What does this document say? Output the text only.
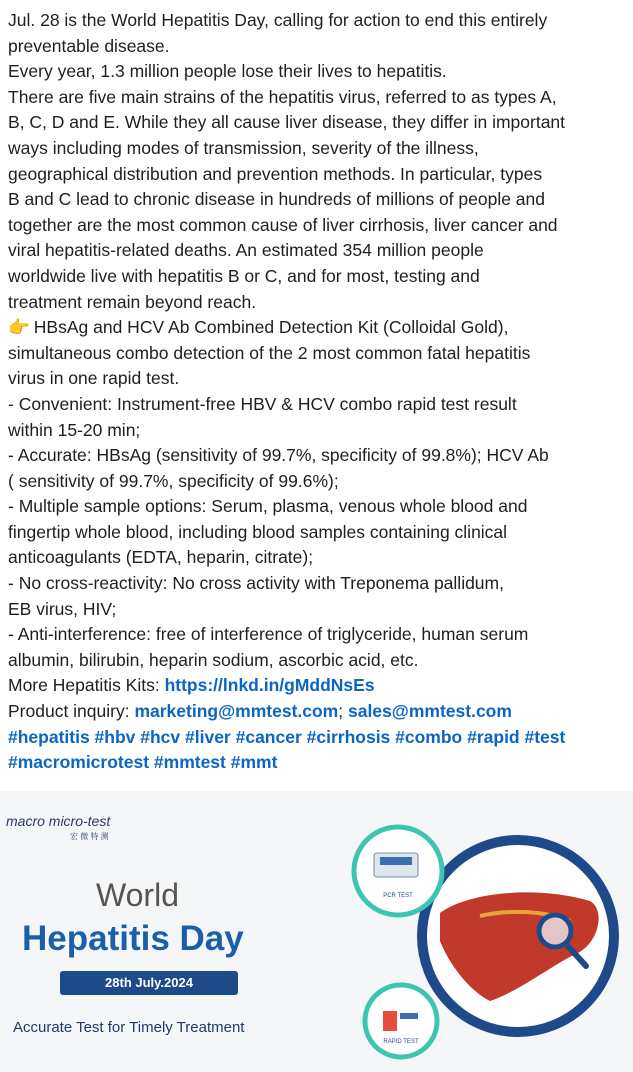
Jul. 28 is the World Hepatitis Day, calling for action to end this entirely
preventable disease.
Every year, 1.3 million people lose their lives to hepatitis.
There are five main strains of the hepatitis virus, referred to as types A,
B, C, D and E. While they all cause liver disease, they differ in important
ways including modes of transmission, severity of the illness,
geographical distribution and prevention methods. In particular, types
B and C lead to chronic disease in hundreds of millions of people and
together are the most common cause of liver cirrhosis, liver cancer and
viral hepatitis-related deaths. An estimated 354 million people
worldwide live with hepatitis B or C, and for most, testing and
treatment remain beyond reach.
👉 HBsAg and HCV Ab Combined Detection Kit (Colloidal Gold),
simultaneous combo detection of the 2 most common fatal hepatitis
virus in one rapid test.
- Convenient: Instrument-free HBV & HCV combo rapid test result
within 15-20 min;
- Accurate: HBsAg (sensitivity of 99.7%, specificity of 99.8%); HCV Ab
( sensitivity of 99.7%, specificity of 99.6%);
- Multiple sample options: Serum, plasma, venous whole blood and
fingertip whole blood, including blood samples containing clinical
anticoagulants (EDTA, heparin, citrate);
- No cross-reactivity: No cross activity with Treponema pallidum,
EB virus, HIV;
- Anti-interference: free of interference of triglyceride, human serum
albumin, bilirubin, heparin sodium, ascorbic acid, etc.
More Hepatitis Kits: https://lnkd.in/gMddNsEs
Product inquiry: marketing@mmtest.com; sales@mmtest.com
#hepatitis #hbv #hcv #liver #cancer #cirrhosis #combo #rapid #test
#macromicrotest #mmtest #mmt
macro micro-test
宏 微 特 测
World
Hepatitis Day
28th July.2024
Accurate Test for Timely Treatment
PCR TEST
RAPID TEST
